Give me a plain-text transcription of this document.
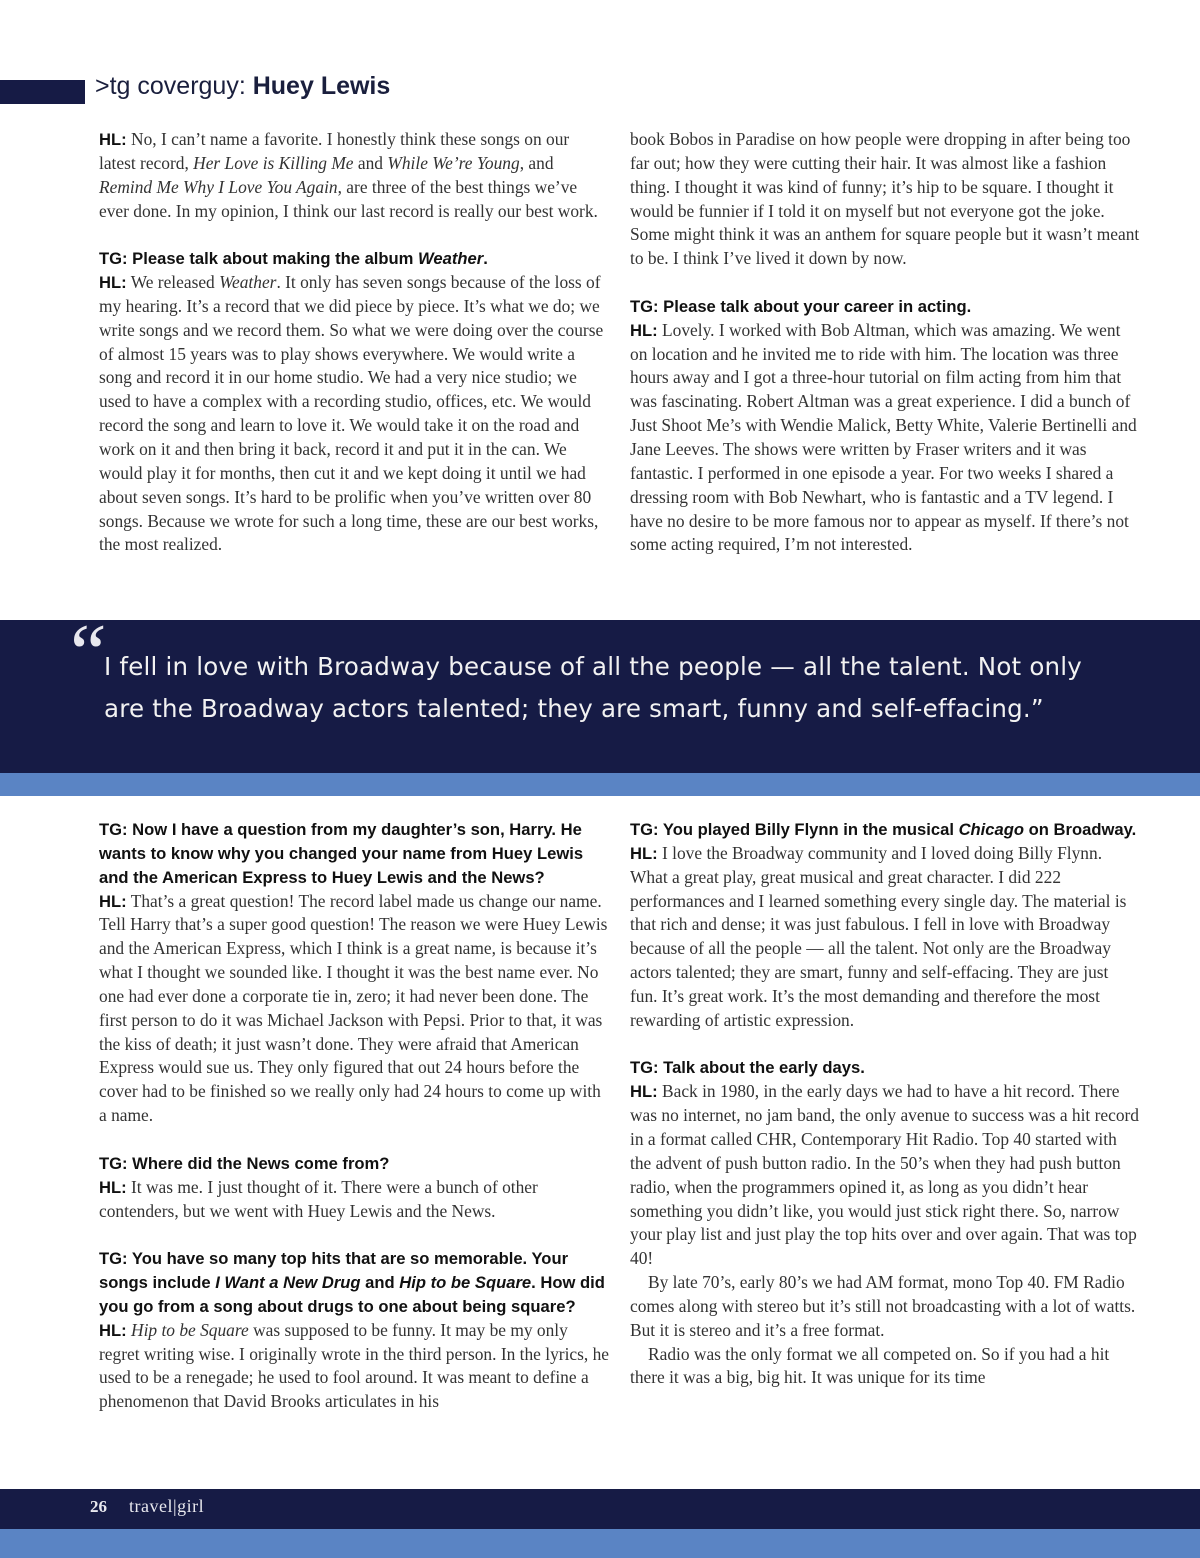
>tg coverguy: Huey Lewis

HL: No, I can’t name a favorite. I honestly think these songs on our latest record, Her Love is Killing Me and While We’re Young, and Remind Me Why I Love You Again, are three of the best things we’ve ever done. In my opinion, I think our last record is really our best work.

TG: Please talk about making the album Weather.

HL: We released Weather. It only has seven songs because of the loss of my hearing. It’s a record that we did piece by piece. It’s what we do; we write songs and we record them. So what we were doing over the course of almost 15 years was to play shows everywhere. We would write a song and record it in our home studio. We had a very nice studio; we used to have a complex with a recording studio, offices, etc. We would record the song and learn to love it. We would take it on the road and work on it and then bring it back, record it and put it in the can. We would play it for months, then cut it and we kept doing it until we had about seven songs. It’s hard to be prolific when you’ve written over 80 songs. Because we wrote for such a long time, these are our best works, the most realized.

book Bobos in Paradise on how people were dropping in after being too far out; how they were cutting their hair. It was almost like a fashion thing. I thought it was kind of funny; it’s hip to be square. I thought it would be funnier if I told it on myself but not everyone got the joke. Some might think it was an anthem for square people but it wasn’t meant to be. I think I’ve lived it down by now.

TG: Please talk about your career in acting.

HL: Lovely. I worked with Bob Altman, which was amazing. We went on location and he invited me to ride with him. The location was three hours away and I got a three-hour tutorial on film acting from him that was fascinating. Robert Altman was a great experience. I did a bunch of Just Shoot Me’s with Wendie Malick, Betty White, Valerie Bertinelli and Jane Leeves. The shows were written by Fraser writers and it was fantastic. I performed in one episode a year. For two weeks I shared a dressing room with Bob Newhart, who is fantastic and a TV legend. I have no desire to be more famous nor to appear as myself. If there’s not some acting required, I’m not interested.

“
I fell in love with Broadway because of all the people — all the talent. Not only are the Broadway actors talented; they are smart, funny and self-effacing.”

TG: Now I have a question from my daughter’s son, Harry. He wants to know why you changed your name from Huey Lewis and the American Express to Huey Lewis and the News?

HL: That’s a great question! The record label made us change our name. Tell Harry that’s a super good question! The reason we were Huey Lewis and the American Express, which I think is a great name, is because it’s what I thought we sounded like. I thought it was the best name ever. No one had ever done a corporate tie in, zero; it had never been done. The first person to do it was Michael Jackson with Pepsi. Prior to that, it was the kiss of death; it just wasn’t done. They were afraid that American Express would sue us. They only figured that out 24 hours before the cover had to be finished so we really only had 24 hours to come up with a name.

TG: Where did the News come from?

HL: It was me. I just thought of it. There were a bunch of other contenders, but we went with Huey Lewis and the News.

TG: You have so many top hits that are so memorable. Your songs include I Want a New Drug and Hip to be Square. How did you go from a song about drugs to one about being square?

HL: Hip to be Square was supposed to be funny. It may be my only regret writing wise. I originally wrote in the third person. In the lyrics, he used to be a renegade; he used to fool around. It was meant to define a phenomenon that David Brooks articulates in his

TG: You played Billy Flynn in the musical Chicago on Broadway.

HL: I love the Broadway community and I loved doing Billy Flynn. What a great play, great musical and great character. I did 222 performances and I learned something every single day. The material is that rich and dense; it was just fabulous. I fell in love with Broadway because of all the people — all the talent. Not only are the Broadway actors talented; they are smart, funny and self-effacing. They are just fun. It’s great work. It’s the most demanding and therefore the most rewarding of artistic expression.

TG: Talk about the early days.

HL: Back in 1980, in the early days we had to have a hit record. There was no internet, no jam band, the only avenue to success was a hit record in a format called CHR, Contemporary Hit Radio. Top 40 started with the advent of push button radio. In the 50’s when they had push button radio, when the programmers opined it, as long as you didn’t hear something you didn’t like, you would just stick right there. So, narrow your play list and just play the top hits over and over again. That was top 40!

By late 70’s, early 80’s we had AM format, mono Top 40. FM Radio comes along with stereo but it’s still not broadcasting with a lot of watts. But it is stereo and it’s a free format.

Radio was the only format we all competed on. So if you had a hit there it was a big, big hit. It was unique for its time

26 travel|girl
